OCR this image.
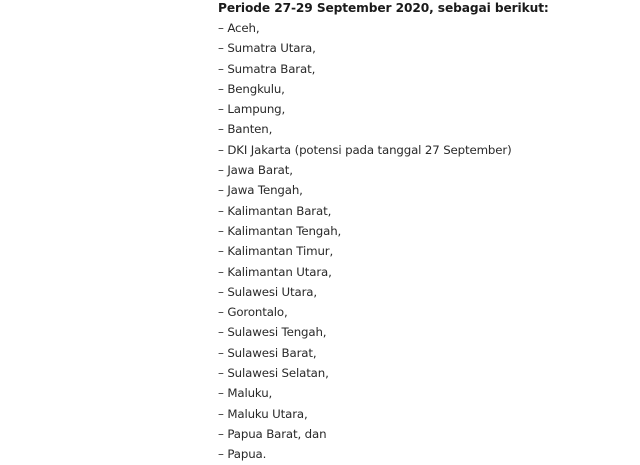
Periode 27-29 September 2020, sebagai berikut:
– Aceh,
– Sumatra Utara,
– Sumatra Barat,
– Bengkulu,
– Lampung,
– Banten,
– DKI Jakarta (potensi pada tanggal 27 September)
– Jawa Barat,
– Jawa Tengah,
– Kalimantan Barat,
– Kalimantan Tengah,
– Kalimantan Timur,
– Kalimantan Utara,
– Sulawesi Utara,
– Gorontalo,
– Sulawesi Tengah,
– Sulawesi Barat,
– Sulawesi Selatan,
– Maluku,
– Maluku Utara,
– Papua Barat, dan
– Papua.
